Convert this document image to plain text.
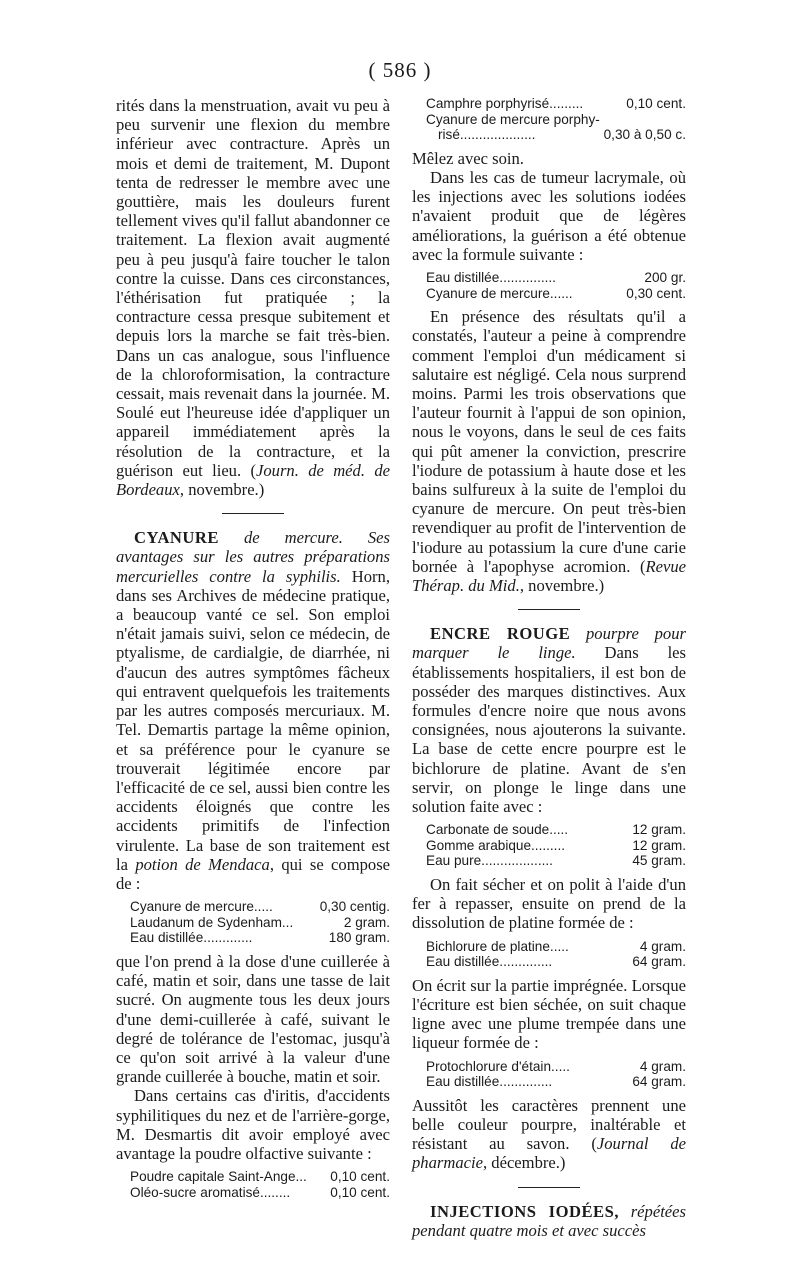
( 586 )

rités dans la menstruation, avait vu peu à peu survenir une flexion du membre inférieur avec contracture. Après un mois et demi de traitement, M. Dupont tenta de redresser le membre avec une gouttière, mais les douleurs furent tellement vives qu'il fallut abandonner ce traitement. La flexion avait augmenté peu à peu jusqu'à faire toucher le talon contre la cuisse. Dans ces circonstances, l'éthérisation fut pratiquée ; la contracture cessa presque subitement et depuis lors la marche se fait très-bien. Dans un cas analogue, sous l'influence de la chloroformisation, la contracture cessait, mais revenait dans la journée. M. Soulé eut l'heureuse idée d'appliquer un appareil immédiatement après la résolution de la contracture, et la guérison eut lieu. (Journ. de méd. de Bordeaux, novembre.)

CYANURE de mercure. Ses avantages sur les autres préparations mercurielles contre la syphilis. Horn, dans ses Archives de médecine pratique, a beaucoup vanté ce sel. Son emploi n'était jamais suivi, selon ce médecin, de ptyalisme, de cardialgie, de diarrhée, ni d'aucun des autres symptômes fâcheux qui entravent quelquefois les traitements par les autres composés mercuriaux. M. Tel. Demartis partage la même opinion, et sa préférence pour le cyanure se trouverait légitimée encore par l'efficacité de ce sel, aussi bien contre les accidents éloignés que contre les accidents primitifs de l'infection virulente. La base de son traitement est la potion de Mendaca, qui se compose de :

Cyanure de mercure.....	0,30 centig.
Laudanum de Sydenham...	2 gram.
Eau distillée.............	180 gram.

que l'on prend à la dose d'une cuillerée à café, matin et soir, dans une tasse de lait sucré. On augmente tous les deux jours d'une demi-cuillerée à café, suivant le degré de tolérance de l'estomac, jusqu'à ce qu'on soit arrivé à la valeur d'une grande cuillerée à bouche, matin et soir.

Dans certains cas d'iritis, d'accidents syphilitiques du nez et de l'arrière-gorge, M. Desmartis dit avoir employé avec avantage la poudre olfactive suivante :

Poudre capitale Saint-Ange...	0,10 cent.
Oléo-sucre aromatisé........	0,10 cent.
Camphre porphyrisé.........	0,10 cent.
Cyanure de mercure porphy-
risé....................	0,30 à 0,50 c.

Mêlez avec soin.

Dans les cas de tumeur lacrymale, où les injections avec les solutions iodées n'avaient produit que de légères améliorations, la guérison a été obtenue avec la formule suivante :

Eau distillée...............	200 gr.
Cyanure de mercure......	0,30 cent.

En présence des résultats qu'il a constatés, l'auteur a peine à comprendre comment l'emploi d'un médicament si salutaire est négligé. Cela nous surprend moins. Parmi les trois observations que l'auteur fournit à l'appui de son opinion, nous le voyons, dans le seul de ces faits qui pût amener la conviction, prescrire l'iodure de potassium à haute dose et les bains sulfureux à la suite de l'emploi du cyanure de mercure. On peut très-bien revendiquer au profit de l'intervention de l'iodure au potassium la cure d'une carie bornée à l'apophyse acromion. (Revue Thérap. du Mid., novembre.)

ENCRE ROUGE pourpre pour marquer le linge. Dans les établissements hospitaliers, il est bon de posséder des marques distinctives. Aux formules d'encre noire que nous avons consignées, nous ajouterons la suivante. La base de cette encre pourpre est le bichlorure de platine. Avant de s'en servir, on plonge le linge dans une solution faite avec :

Carbonate de soude.....	12 gram.
Gomme arabique.........	12 gram.
Eau pure...................	45 gram.

On fait sécher et on polit à l'aide d'un fer à repasser, ensuite on prend de la dissolution de platine formée de :

Bichlorure de platine.....	4 gram.
Eau distillée..............	64 gram.

On écrit sur la partie imprégnée. Lorsque l'écriture est bien séchée, on suit chaque ligne avec une plume trempée dans une liqueur formée de :

Protochlorure d'étain.....	4 gram.
Eau distillée..............	64 gram.

Aussitôt les caractères prennent une belle couleur pourpre, inaltérable et résistant au savon. (Journal de pharmacie, décembre.)

INJECTIONS IODÉES, répétées pendant quatre mois et avec succès
